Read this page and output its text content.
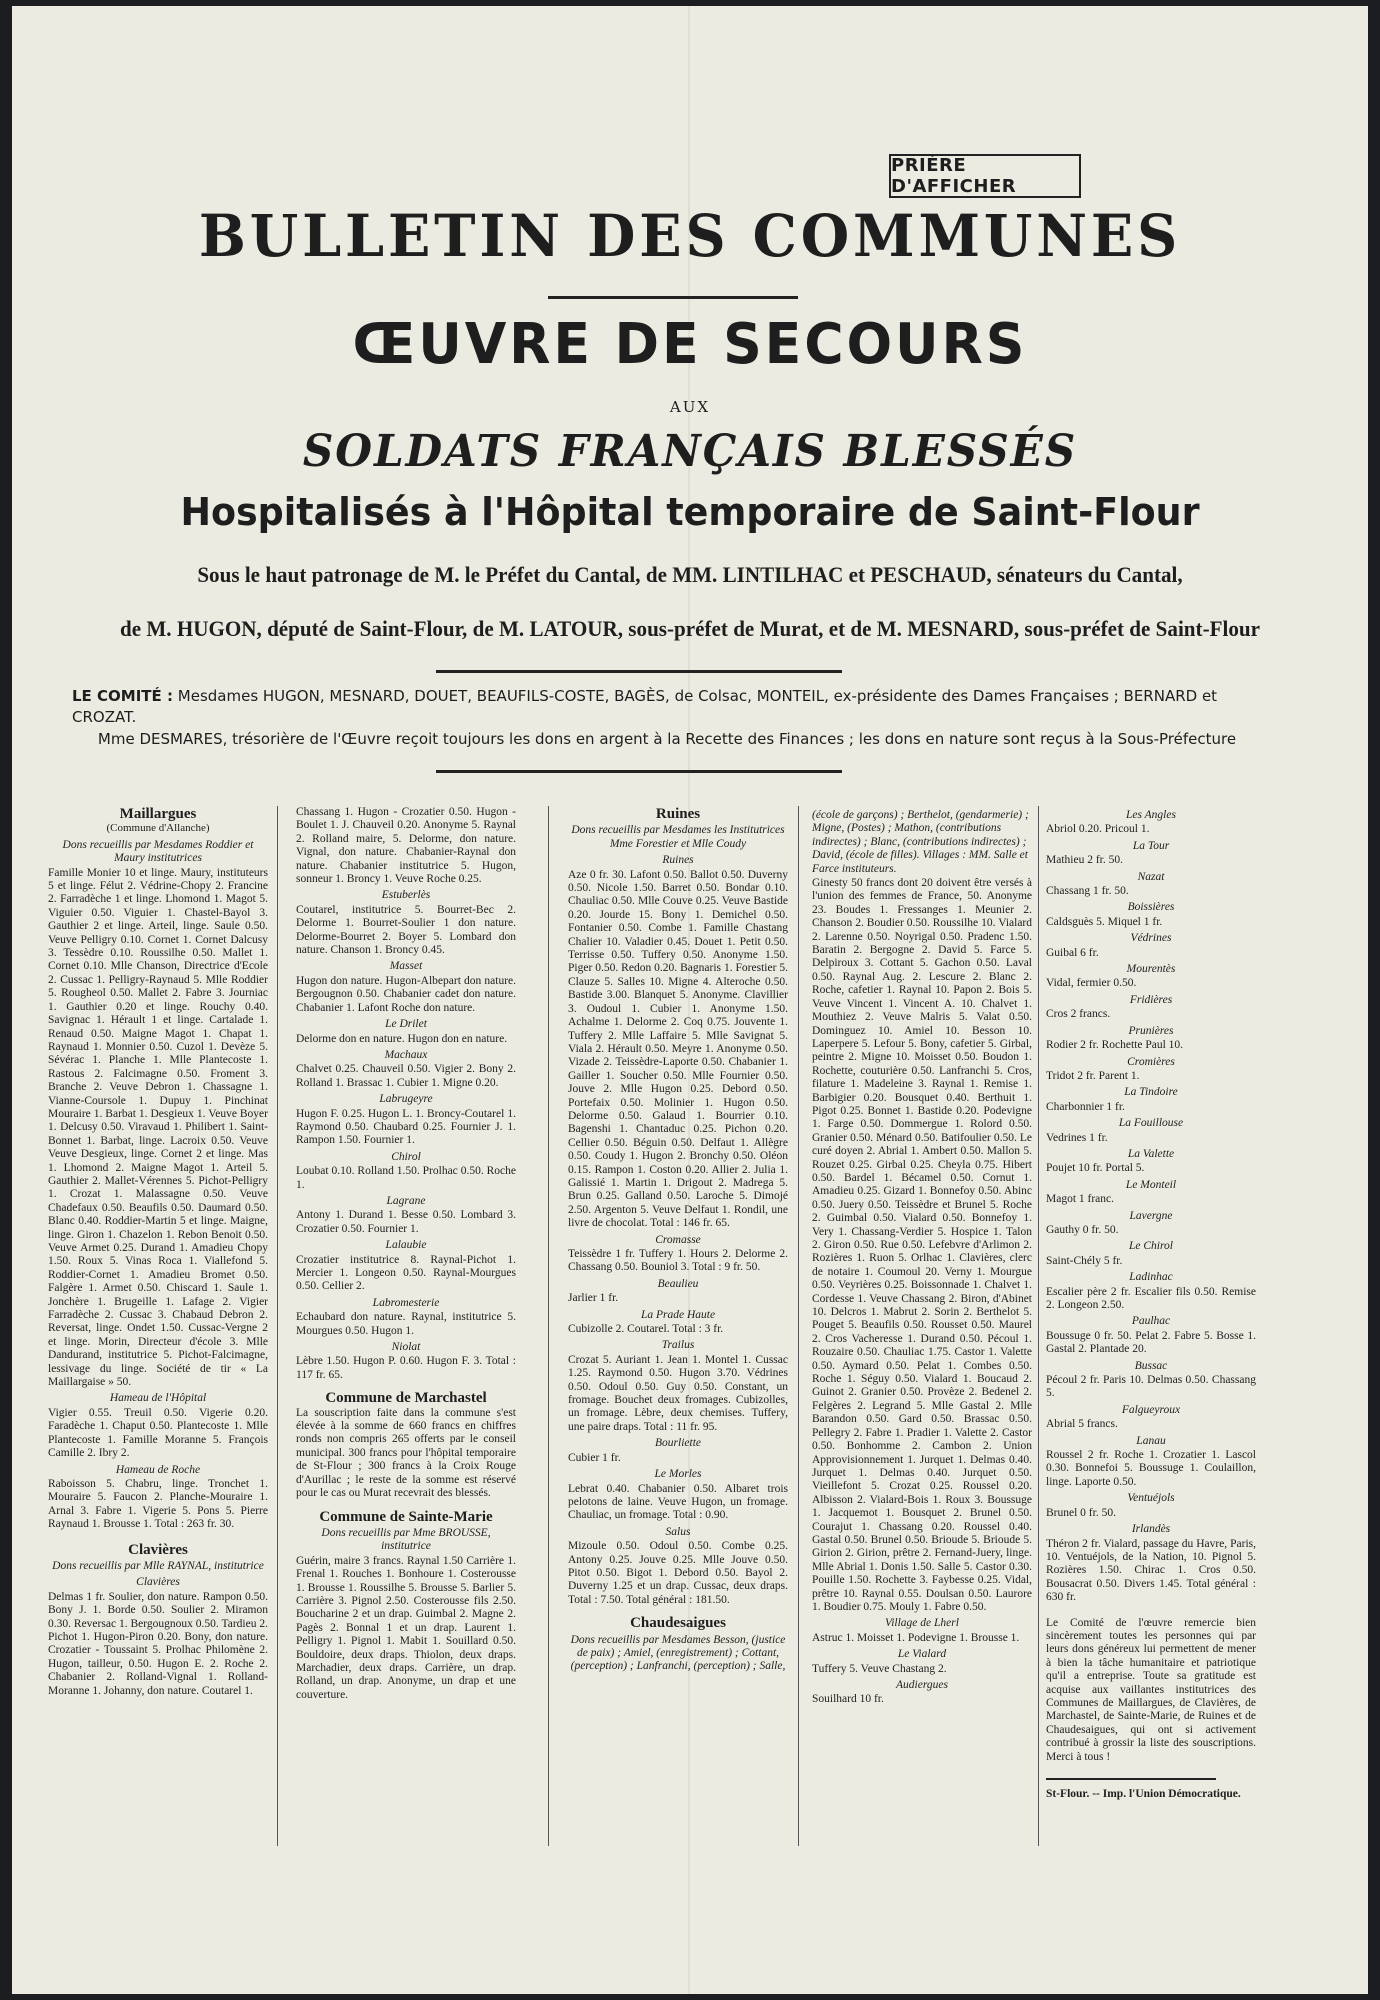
PRIÈRE D'AFFICHER
BULLETIN DES COMMUNES
ŒUVRE DE SECOURS
AUX
SOLDATS FRANÇAIS BLESSÉS
Hospitalisés à l'Hôpital temporaire de Saint-Flour
Sous le haut patronage de M. le Préfet du Cantal, de MM. LINTILHAC et PESCHAUD, sénateurs du Cantal,
de M. HUGON, député de Saint-Flour, de M. LATOUR, sous-préfet de Murat, et de M. MESNARD, sous-préfet de Saint-Flour
LE COMITÉ : Mesdames HUGON, MESNARD, DOUET, BEAUFILS-COSTE, BAGÈS, de Colsac, MONTEIL, ex-présidente des Dames Françaises ; BERNARD et CROZAT.
Mme DESMARES, trésorière de l'Œuvre reçoit toujours les dons en argent à la Recette des Finances ; les dons en nature sont reçus à la Sous-Préfecture
Maillargues

(Commune d'Allanche)

Dons recueillis par Mesdames Roddier et Maury institutrices

Famille Monier 10 et linge. Maury, instituteurs 5 et linge. Félut 2. Védrine-Chopy 2. Francine 2. Farradèche 1 et linge. Lhomond 1. Magot 5. Viguier 0.50. Viguier 1. Chastel-Bayol 3. Gauthier 2 et linge. Arteil, linge. Saule 0.50. Veuve Pelligry 0.10. Cornet 1. Cornet Dalcusy 3. Tessèdre 0.10. Roussilhe 0.50. Mallet 1. Cornet 0.10. Mlle Chanson, Directrice d'Ecole 2. Cussac 1. Pelligry-Raynaud 5. Mlle Roddier 5. Rougheol 0.50. Mallet 2. Fabre 3. Journiac 1. Gauthier 0.20 et linge. Rouchy 0.40. Savignac 1. Hérault 1 et linge. Cartalade 1. Renaud 0.50. Maigne Magot 1. Chapat 1. Raynaud 1. Monnier 0.50. Cuzol 1. Devèze 5. Sévérac 1. Planche 1. Mlle Plantecoste 1. Rastous 2. Falcimagne 0.50. Froment 3. Branche 2. Veuve Debron 1. Chassagne 1. Vianne-Coursole 1. Dupuy 1. Pinchinat Mouraire 1. Barbat 1. Desgieux 1. Veuve Boyer 1. Delcusy 0.50. Viravaud 1. Philibert 1. Saint-Bonnet 1. Barbat, linge. Lacroix 0.50. Veuve Veuve Desgieux, linge. Cornet 2 et linge. Mas 1. Lhomond 2. Maigne Magot 1. Arteil 5. Gauthier 2. Mallet-Vérennes 5. Pichot-Pelligry 1. Crozat 1. Malassagne 0.50. Veuve Chadefaux 0.50. Beaufils 0.50. Daumard 0.50. Blanc 0.40. Roddier-Martin 5 et linge. Maigne, linge. Giron 1. Chazelon 1. Rebon Benoit 0.50. Veuve Armet 0.25. Durand 1. Amadieu Chopy 1.50. Roux 5. Vinas Roca 1. Viallefond 5. Roddier-Cornet 1. Amadieu Bromet 0.50. Falgère 1. Armet 0.50. Chiscard 1. Saule 1. Jonchère 1. Brugeille 1. Lafage 2. Vigier Farradèche 2. Cussac 3. Chabaud Debron 2. Reversat, linge. Ondet 1.50. Cussac-Vergne 2 et linge. Morin, Directeur d'école 3. Mlle Dandurand, institutrice 5. Pichot-Falcimagne, lessivage du linge. Société de tir « La Maillargaise » 50.

Hameau de l'Hôpital

Vigier 0.55. Treuil 0.50. Vigerie 0.20. Faradèche 1. Chaput 0.50. Plantecoste 1. Mlle Plantecoste 1. Famille Moranne 5. François Camille 2. Ibry 2.

Hameau de Roche

Raboisson 5. Chabru, linge. Tronchet 1. Mouraire 5. Faucon 2. Planche-Mouraire 1. Arnal 3. Fabre 1. Vigerie 5. Pons 5. Pierre Raynaud 1. Brousse 1. Total : 263 fr. 30.

Clavières

Dons recueillis par Mlle RAYNAL, institutrice

Clavières

Delmas 1 fr. Soulier, don nature. Rampon 0.50. Bony J. 1. Borde 0.50. Soulier 2. Miramon 0.30. Reversac 1. Bergougnoux 0.50. Tardieu 2. Pichot 1. Hugon-Piron 0.20. Bony, don nature. Crozatier - Toussaint 5. Prolhac Philomène 2. Hugon, tailleur, 0.50. Hugon E. 2. Roche 2. Chabanier 2. Rolland-Vignal 1. Rolland-Moranne 1. Johanny, don nature. Coutarel 1.

Chassang 1. Hugon - Crozatier 0.50. Hugon - Boulet 1. J. Chauveil 0.20. Anonyme 5. Raynal 2. Rolland maire, 5. Delorme, don nature. Vignal, don nature. Chabanier-Raynal don nature. Chabanier institutrice 5. Hugon, sonneur 1. Broncy 1. Veuve Roche 0.25.

Estuberlès

Coutarel, institutrice 5. Bourret-Bec 2. Delorme 1. Bourret-Soulier 1 don nature. Delorme-Bourret 2. Boyer 5. Lombard don nature. Chanson 1. Broncy 0.45.

Masset

Hugon don nature. Hugon-Albepart don nature. Bergougnon 0.50. Chabanier cadet don nature. Chabanier 1. Lafont Roche don nature.

Le Drilet

Delorme don en nature. Hugon don en nature.

Machaux

Chalvet 0.25. Chauveil 0.50. Vigier 2. Bony 2. Rolland 1. Brassac 1. Cubier 1. Migne 0.20.

Labrugeyre

Hugon F. 0.25. Hugon L. 1. Broncy-Coutarel 1. Raymond 0.50. Chaubard 0.25. Fournier J. 1. Rampon 1.50. Fournier 1.

Chirol

Loubat 0.10. Rolland 1.50. Prolhac 0.50. Roche 1.

Lagrane

Antony 1. Durand 1. Besse 0.50. Lombard 3. Crozatier 0.50. Fournier 1.

Lalaubie

Crozatier institutrice 8. Raynal-Pichot 1. Mercier 1. Longeon 0.50. Raynal-Mourgues 0.50. Cellier 2.

Labromesterie

Echaubard don nature. Raynal, institutrice 5. Mourgues 0.50. Hugon 1.

Niolat

Lèbre 1.50. Hugon P. 0.60. Hugon F. 3. Total : 117 fr. 65.

Commune de Marchastel

La souscription faite dans la commune s'est élevée à la somme de 660 francs en chiffres ronds non compris 265 offerts par le conseil municipal. 300 francs pour l'hôpital temporaire de St-Flour ; 300 francs à la Croix Rouge d'Aurillac ; le reste de la somme est réservé pour le cas ou Murat recevrait des blessés.

Commune de Sainte-Marie

Dons recueillis par Mme BROUSSE, institutrice

Guérin, maire 3 francs. Raynal 1.50 Carrière 1. Frenal 1. Rouches 1. Bonhoure 1. Costerousse 1. Brousse 1. Roussilhe 5. Brousse 5. Barlier 5. Carrière 3. Pignol 2.50. Costerousse fils 2.50. Boucharine 2 et un drap. Guimbal 2. Magne 2. Pagès 2. Bonnal 1 et un drap. Laurent 1. Pelligry 1. Pignol 1. Mabit 1. Souillard 0.50. Bouldoire, deux draps. Thiolon, deux draps. Marchadier, deux draps. Carrière, un drap. Rolland, un drap. Anonyme, un drap et une couverture.

Ruines

Dons recueillis par Mesdames les Institutrices Mme Forestier et Mlle Coudy

Ruines

Aze 0 fr. 30. Lafont 0.50. Ballot 0.50. Duverny 0.50. Nicole 1.50. Barret 0.50. Bondar 0.10. Chauliac 0.50. Mlle Couve 0.25. Veuve Bastide 0.20. Jourde 15. Bony 1. Demichel 0.50. Fontanier 0.50. Combe 1. Famille Chastang Chalier 10. Valadier 0.45. Douet 1. Petit 0.50. Terrisse 0.50. Tuffery 0.50. Anonyme 1.50. Piger 0.50. Redon 0.20. Bagnaris 1. Forestier 5. Clauze 5. Salles 10. Migne 4. Alteroche 0.50. Bastide 3.00. Blanquet 5. Anonyme. Clavillier 3. Oudoul 1. Cubier 1. Anonyme 1.50. Achalme 1. Delorme 2. Coq 0.75. Jouvente 1. Tuffery 2. Mlle Laffaire 5. Mlle Savignat 5. Viala 2. Hérault 0.50. Meyre 1. Anonyme 0.50. Vizade 2. Teissèdre-Laporte 0.50. Chabanier 1. Gailler 1. Soucher 0.50. Mlle Fournier 0.50. Jouve 2. Mlle Hugon 0.25. Debord 0.50. Portefaix 0.50. Molinier 1. Hugon 0.50. Delorme 0.50. Galaud 1. Bourrier 0.10. Bagenshi 1. Chantaduc 0.25. Pichon 0.20. Cellier 0.50. Béguin 0.50. Delfaut 1. Allègre 0.50. Coudy 1. Hugon 2. Bronchy 0.50. Oléon 0.15. Rampon 1. Coston 0.20. Allier 2. Julia 1. Galissié 1. Martin 1. Drigout 2. Madrega 5. Brun 0.25. Galland 0.50. Laroche 5. Dimojé 2.50. Argenton 5. Veuve Delfaut 1. Rondil, une livre de chocolat. Total : 146 fr. 65.

Cromasse

Teissèdre 1 fr. Tuffery 1. Hours 2. Delorme 2. Chassang 0.50. Bouniol 3. Total : 9 fr. 50.

Beaulieu

Jarlier 1 fr.

La Prade Haute

Cubizolle 2. Coutarel. Total : 3 fr.

Trailus

Crozat 5. Auriant 1. Jean 1. Montel 1. Cussac 1.25. Raymond 0.50. Hugon 3.70. Védrines 0.50. Odoul 0.50. Guy 0.50. Constant, un fromage. Bouchet deux fromages. Cubizolles, un fromage. Lèbre, deux chemises. Tuffery, une paire draps. Total : 11 fr. 95.

Bourliette

Cubier 1 fr.

Le Morles

Lebrat 0.40. Chabanier 0.50. Albaret trois pelotons de laine. Veuve Hugon, un fromage. Chauliac, un fromage. Total : 0.90.

Salus

Mizoule 0.50. Odoul 0.50. Combe 0.25. Antony 0.25. Jouve 0.25. Mlle Jouve 0.50. Pitot 0.50. Bigot 1. Debord 0.50. Bayol 2. Duverny 1.25 et un drap. Cussac, deux draps. Total : 7.50. Total général : 181.50.

Chaudesaigues

Dons recueillis par Mesdames Besson, (justice de paix) ; Amiel, (enregistrement) ; Cottant, (perception) ; Lanfranchi, (perception) ; Salle,

(école de garçons) ; Berthelot, (gendarmerie) ; Migne, (Postes) ; Mathon, (contributions indirectes) ; Blanc, (contributions indirectes) ; David, (école de filles). Villages : MM. Salle et Farce instituteurs.

Ginesty 50 francs dont 20 doivent être versés à l'union des femmes de France, 50. Anonyme 23. Boudes 1. Fressanges 1. Meunier 2. Chanson 2. Boudier 0.50. Roussilhe 10. Vialard 2. Larenne 0.50. Noyrigal 0.50. Pradenc 1.50. Baratin 2. Bergogne 2. David 5. Farce 5. Delpiroux 3. Cottant 5. Gachon 0.50. Laval 0.50. Raynal Aug. 2. Lescure 2. Blanc 2. Roche, cafetier 1. Raynal 10. Papon 2. Bois 5. Veuve Vincent 1. Vincent A. 10. Chalvet 1. Mouthiez 2. Veuve Malris 5. Valat 0.50. Dominguez 10. Amiel 10. Besson 10. Laperpere 5. Lefour 5. Bony, cafetier 5. Girbal, peintre 2. Migne 10. Moisset 0.50. Boudon 1. Rochette, couturière 0.50. Lanfranchi 5. Cros, filature 1. Madeleine 3. Raynal 1. Remise 1. Barbigier 0.20. Bousquet 0.40. Berthuit 1. Pigot 0.25. Bonnet 1. Bastide 0.20. Podevigne 1. Farge 0.50. Dommergue 1. Rolord 0.50. Granier 0.50. Ménard 0.50. Batifoulier 0.50. Le curé doyen 2. Abrial 1. Ambert 0.50. Mallon 5. Rouzet 0.25. Girbal 0.25. Cheyla 0.75. Hibert 0.50. Bardel 1. Bécamel 0.50. Cornut 1. Amadieu 0.25. Gizard 1. Bonnefoy 0.50. Abinc 0.50. Juery 0.50. Teissèdre et Brunel 5. Roche 2. Guimbal 0.50. Vialard 0.50. Bonnefoy 1. Very 1. Chassang-Verdier 5. Hospice 1. Talon 2. Giron 0.50. Rue 0.50. Lefebvre d'Arlimon 2. Rozières 1. Ruon 5. Orlhac 1. Clavières, clerc de notaire 1. Coumoul 20. Verny 1. Mourgue 0.50. Veyrières 0.25. Boissonnade 1. Chalvet 1. Cordesse 1. Veuve Chassang 2. Biron, d'Abinet 10. Delcros 1. Mabrut 2. Sorin 2. Berthelot 5. Pouget 5. Beaufils 0.50. Rousset 0.50. Maurel 2. Cros Vacheresse 1. Durand 0.50. Pécoul 1. Rouzaire 0.50. Chauliac 1.75. Castor 1. Valette 0.50. Aymard 0.50. Pelat 1. Combes 0.50. Roche 1. Séguy 0.50. Vialard 1. Boucaud 2. Guinot 2. Granier 0.50. Provèze 2. Bedenel 2. Felgères 2. Legrand 5. Mlle Gastal 2. Mlle Barandon 0.50. Gard 0.50. Brassac 0.50. Pellegry 2. Fabre 1. Pradier 1. Valette 2. Castor 0.50. Bonhomme 2. Cambon 2. Union Approvisionnement 1. Jurquet 1. Delmas 0.40. Jurquet 1. Delmas 0.40. Jurquet 0.50. Vieillefont 5. Crozat 0.25. Roussel 0.20. Albisson 2. Vialard-Bois 1. Roux 3. Boussuge 1. Jacquemot 1. Bousquet 2. Brunel 0.50. Courajut 1. Chassang 0.20. Roussel 0.40. Gastal 0.50. Brunel 0.50. Brioude 5. Brioude 5. Girion 2. Girion, prêtre 2. Fernand-Juery, linge. Mlle Abrial 1. Donis 1.50. Salle 5. Castor 0.30. Pouille 1.50. Rochette 3. Faybesse 0.25. Vidal, prêtre 10. Raynal 0.55. Doulsan 0.50. Laurore 1. Boudier 0.75. Mouly 1. Fabre 0.50.

Village de Lherl

Astruc 1. Moisset 1. Podevigne 1. Brousse 1.

Le Vialard

Tuffery 5. Veuve Chastang 2.

Audiergues

Souilhard 10 fr.

Les Angles

Abriol 0.20. Pricoul 1.

La Tour

Mathieu 2 fr. 50.

Nazat

Chassang 1 fr. 50.

Boissières

Caldsguès 5. Miquel 1 fr.

Védrines

Guibal 6 fr.

Mourentès

Vidal, fermier 0.50.

Fridières

Cros 2 francs.

Prunières

Rodier 2 fr. Rochette Paul 10.

Cromières

Tridot 2 fr. Parent 1.

La Tindoire

Charbonnier 1 fr.

La Fouillouse

Vedrines 1 fr.

La Valette

Poujet 10 fr. Portal 5.

Le Monteil

Magot 1 franc.

Lavergne

Gauthy 0 fr. 50.

Le Chirol

Saint-Chély 5 fr.

Ladinhac

Escalier père 2 fr. Escalier fils 0.50. Remise 2. Longeon 2.50.

Paulhac

Boussuge 0 fr. 50. Pelat 2. Fabre 5. Bosse 1. Gastal 2. Plantade 20.

Bussac

Pécoul 2 fr. Paris 10. Delmas 0.50. Chassang 5.

Falgueyroux

Abrial 5 francs.

Lanau

Roussel 2 fr. Roche 1. Crozatier 1. Lascol 0.30. Bonnefoi 5. Boussuge 1. Coulaillon, linge. Laporte 0.50.

Ventuéjols

Brunel 0 fr. 50.

Irlandès

Théron 2 fr. Vialard, passage du Havre, Paris, 10. Ventuéjols, de la Nation, 10. Pignol 5. Rozières 1.50. Chirac 1. Cros 0.50. Bousacrat 0.50. Divers 1.45. Total général : 630 fr.

Le Comité de l'œuvre remercie bien sincèrement toutes les personnes qui par leurs dons généreux lui permettent de mener à bien la tâche humanitaire et patriotique qu'il a entreprise. Toute sa gratitude est acquise aux vaillantes institutrices des Communes de Maillargues, de Clavières, de Marchastel, de Sainte-Marie, de Ruines et de Chaudesaigues, qui ont si activement contribué à grossir la liste des souscriptions. Merci à tous !

St-Flour. -- Imp. l'Union Démocratique.
